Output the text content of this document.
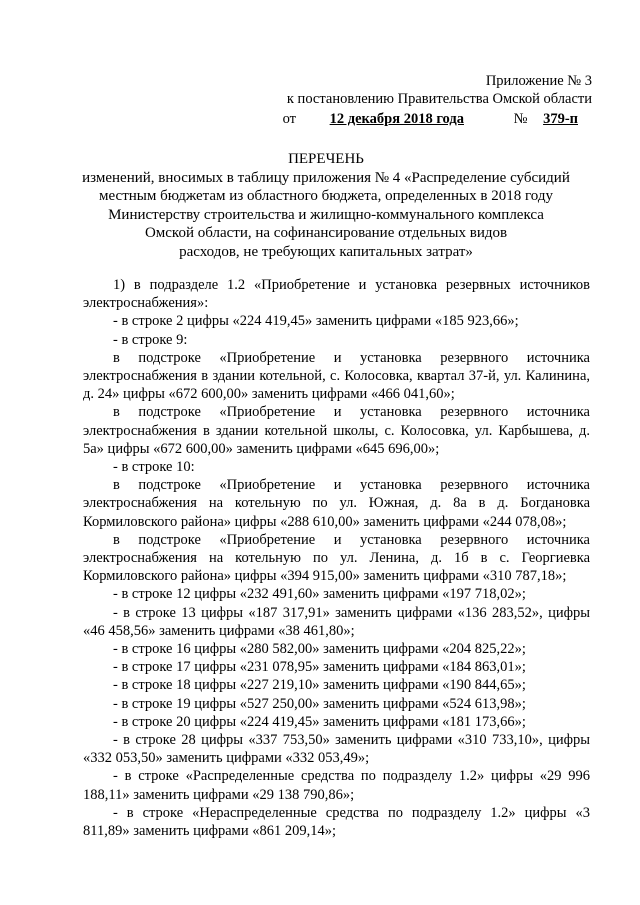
Приложение № 3
к постановлению Правительства Омской области
от 12 декабря 2018 года	№ 379-п
ПЕРЕЧЕНЬ
изменений, вносимых в таблицу приложения № 4 «Распределение субсидий
местным бюджетам из областного бюджета, определенных в 2018 году
Министерству строительства и жилищно-коммунального комплекса
Омской области, на софинансирование отдельных видов
расходов, не требующих капитальных затрат»

1) в подразделе 1.2 «Приобретение и установка резервных источников электроснабжения»:

- в строке 2 цифры «224 419,45» заменить цифрами «185 923,66»;

- в строке 9:

в подстроке «Приобретение и установка резервного источника электроснабжения в здании котельной, с. Колосовка, квартал 37-й, ул. Калинина, д. 24» цифры «672 600,00» заменить цифрами «466 041,60»;

в подстроке «Приобретение и установка резервного источника электроснабжения в здании котельной школы, с. Колосовка, ул. Карбышева, д. 5а» цифры «672 600,00» заменить цифрами «645 696,00»;

- в строке 10:

в подстроке «Приобретение и установка резервного источника электроснабжения на котельную по ул. Южная, д. 8а в д. Богдановка Кормиловского района» цифры «288 610,00» заменить цифрами «244 078,08»;

в подстроке «Приобретение и установка резервного источника электроснабжения на котельную по ул. Ленина, д. 1б в с. Георгиевка Кормиловского района» цифры «394 915,00» заменить цифрами «310 787,18»;

- в строке 12 цифры «232 491,60» заменить цифрами «197 718,02»;

- в строке 13 цифры «187 317,91» заменить цифрами «136 283,52», цифры «46 458,56» заменить цифрами «38 461,80»;

- в строке 16 цифры «280 582,00» заменить цифрами «204 825,22»;

- в строке 17 цифры «231 078,95» заменить цифрами «184 863,01»;

- в строке 18 цифры «227 219,10» заменить цифрами «190 844,65»;

- в строке 19 цифры «527 250,00» заменить цифрами «524 613,98»;

- в строке 20 цифры «224 419,45» заменить цифрами «181 173,66»;

- в строке 28 цифры «337 753,50» заменить цифрами «310 733,10», цифры «332 053,50» заменить цифрами «332 053,49»;

- в строке «Распределенные средства по подразделу 1.2» цифры «29 996 188,11» заменить цифрами «29 138 790,86»;

- в строке «Нераспределенные средства по подразделу 1.2» цифры «3 811,89» заменить цифрами «861 209,14»;
